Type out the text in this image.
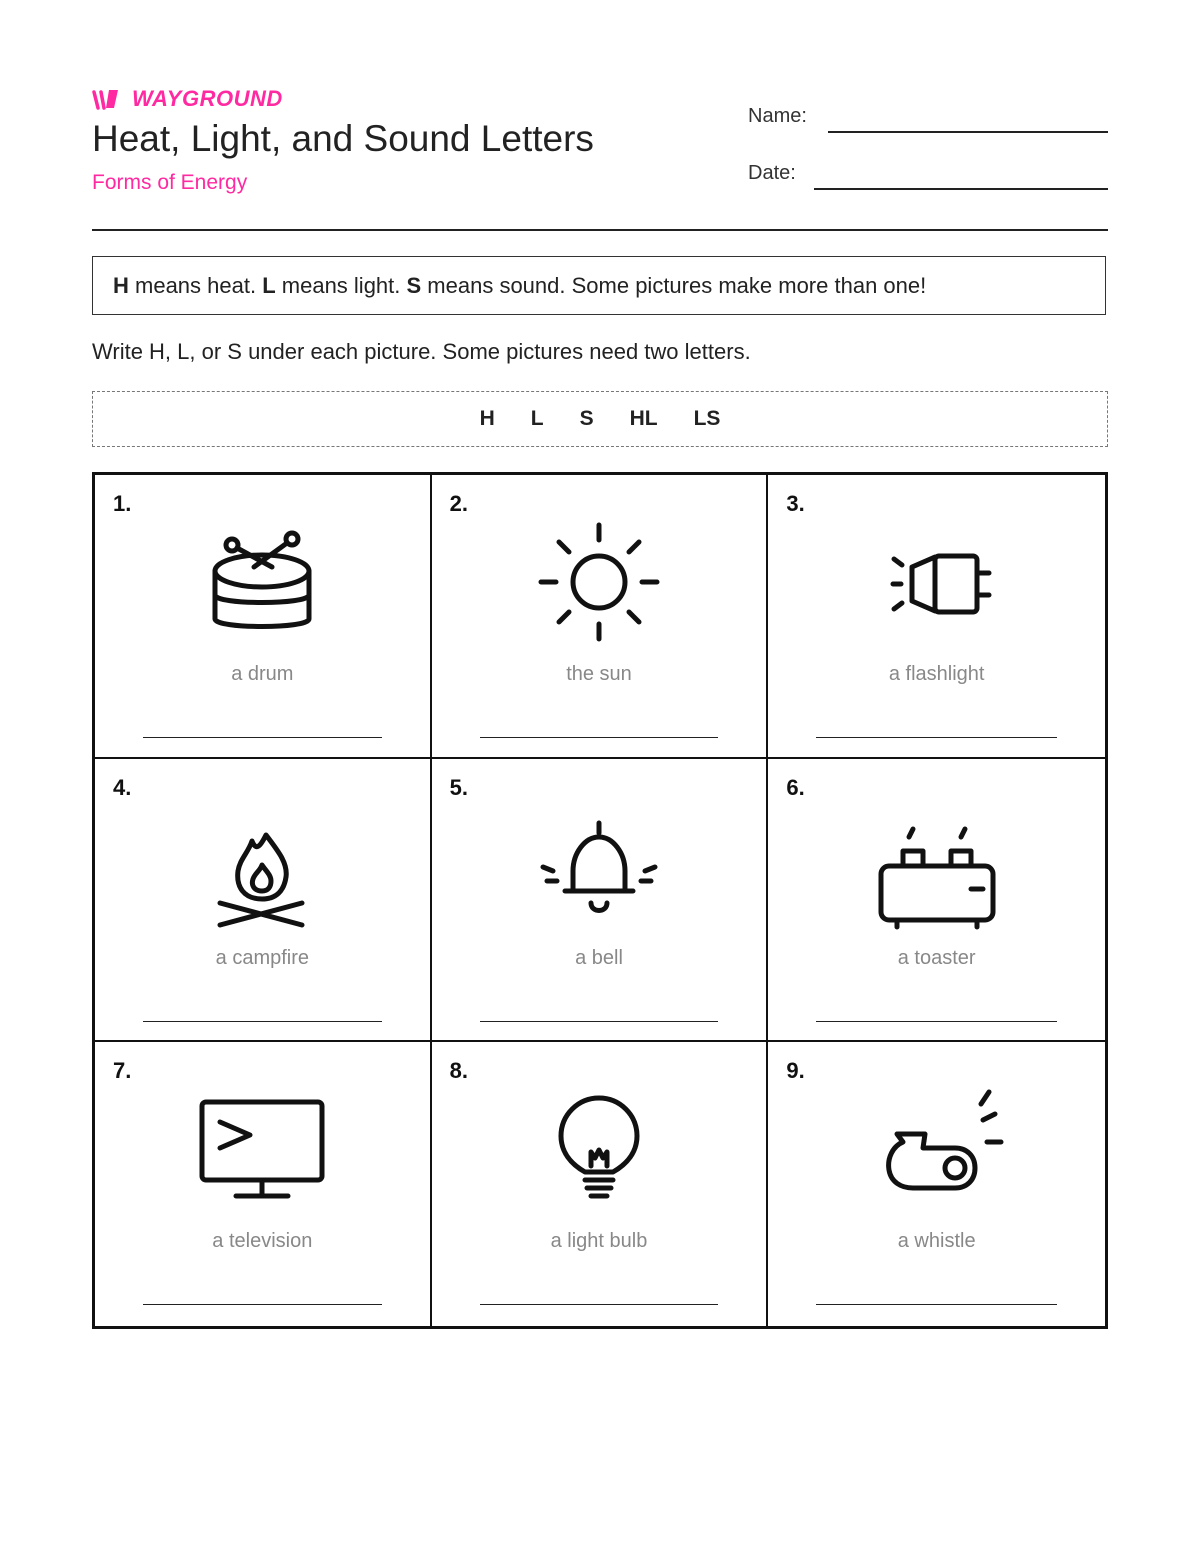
WAYGROUND
Heat, Light, and Sound Letters
Forms of Energy
Name:
Date:
H means heat. L means light. S means sound. Some pictures make more than one!
Write H, L, or S under each picture. Some pictures need two letters.
H L S HL LS
1.
a drum
2.
the sun
3.
a flashlight
4.
a campfire
5.
a bell
6.
a toaster
7.
a television
8.
a light bulb
9.
a whistle
